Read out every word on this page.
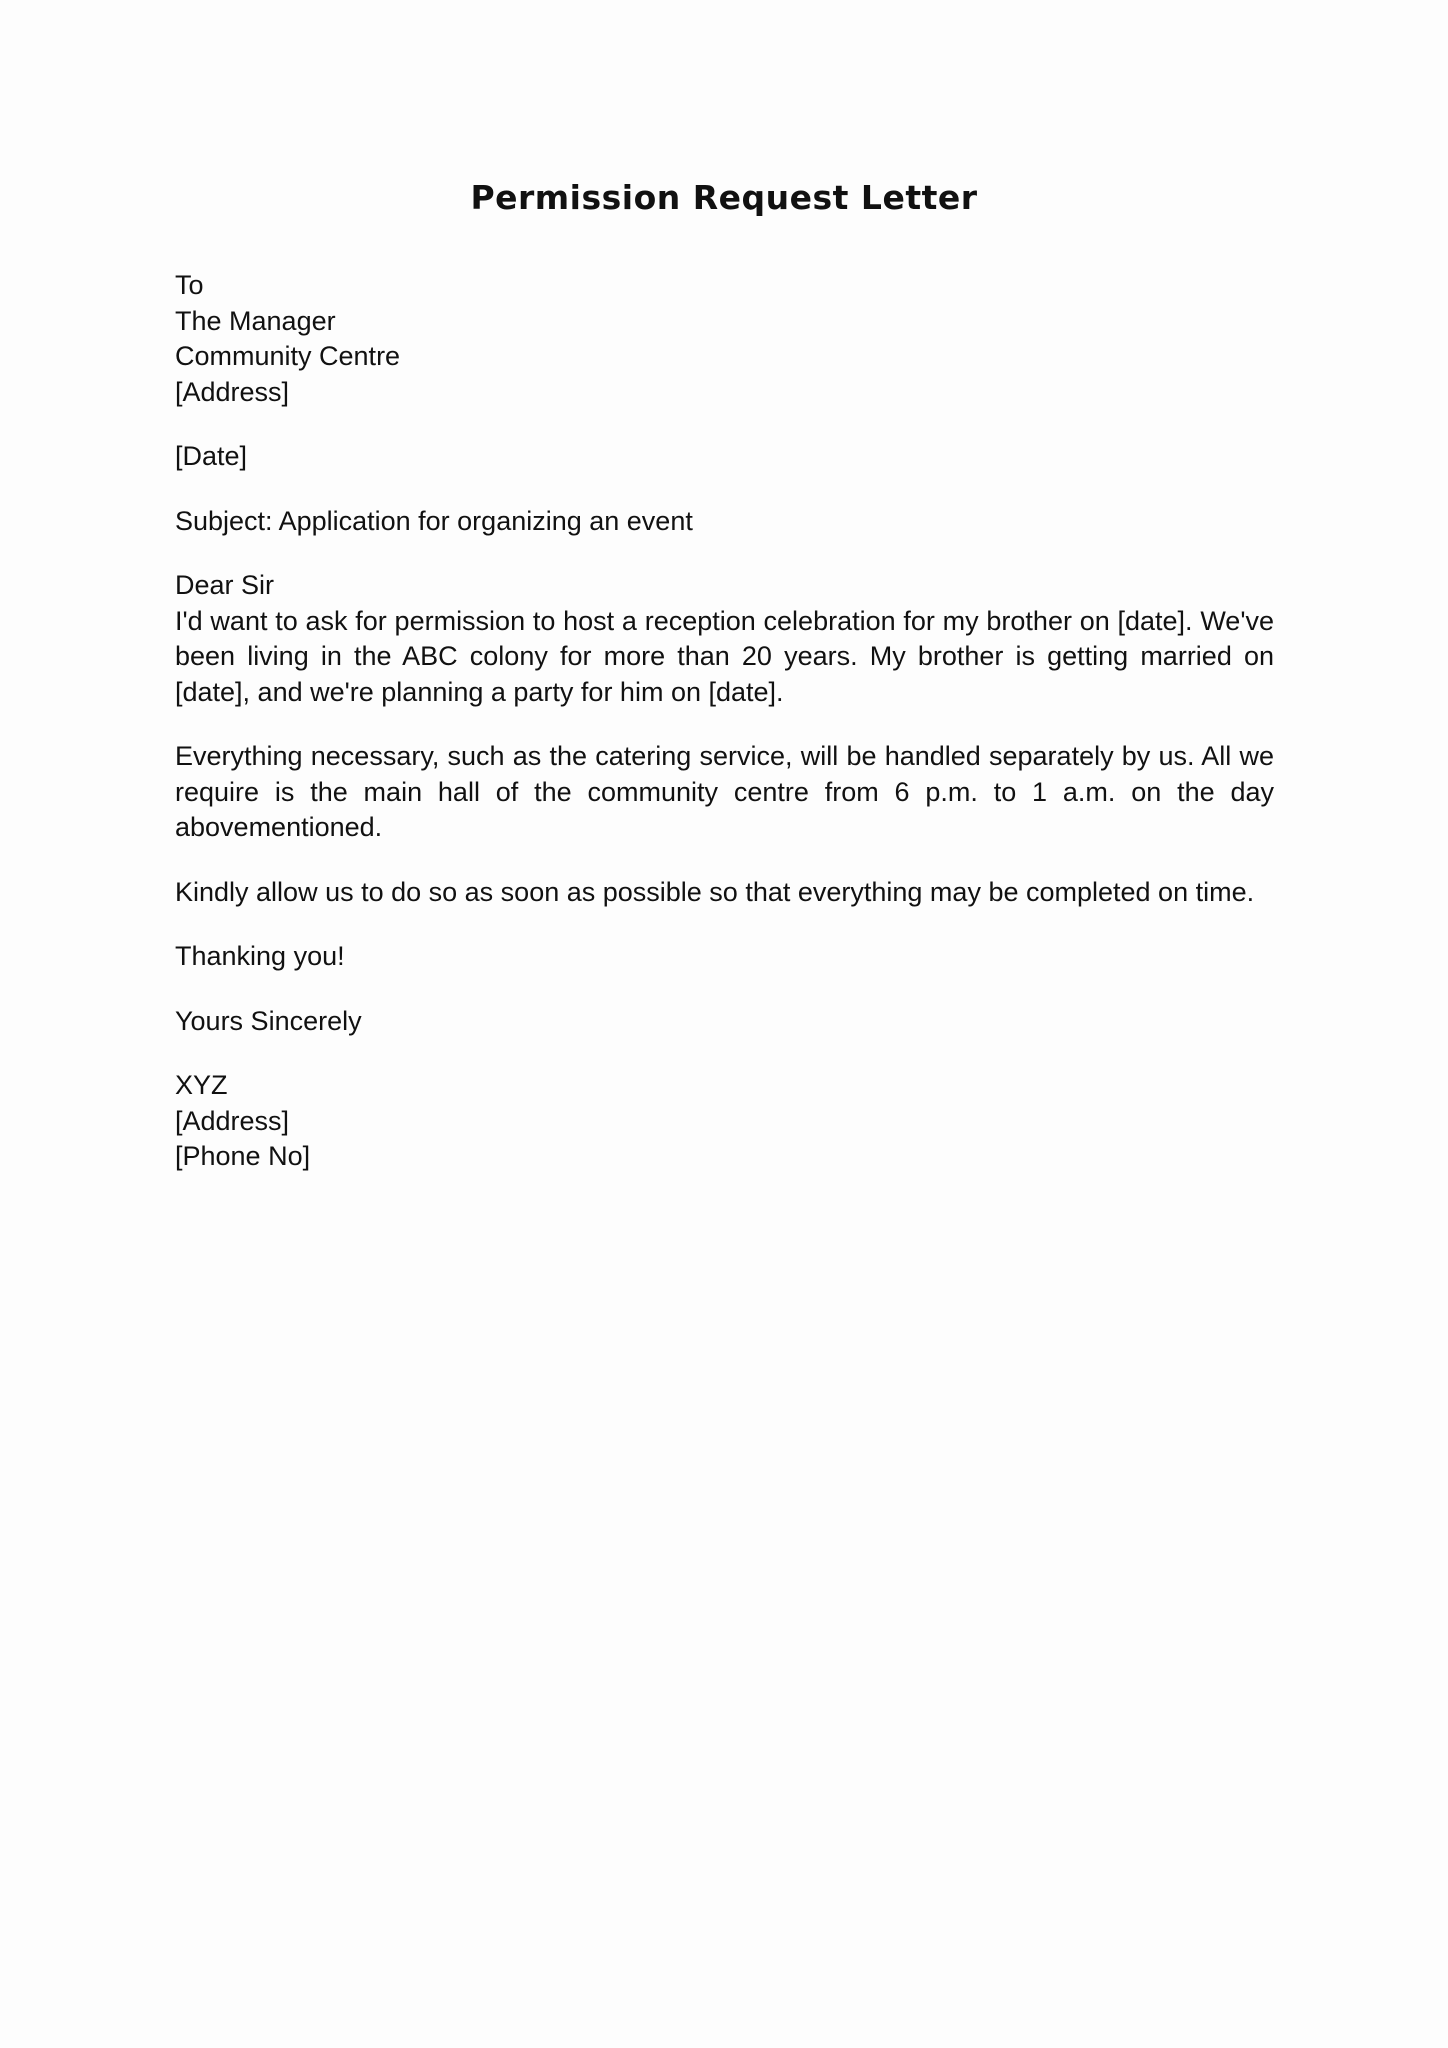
Permission Request Letter
To
The Manager
Community Centre
[Address]
[Date]
Subject: Application for organizing an event
Dear Sir

I'd want to ask for permission to host a reception celebration for my brother on [date]. We've been living in the ABC colony for more than 20 years. My brother is getting married on [date], and we're planning a party for him on [date].

Everything necessary, such as the catering service, will be handled separately by us. All we require is the main hall of the community centre from 6 p.m. to 1 a.m. on the day abovementioned.

Kindly allow us to do so as soon as possible so that everything may be completed on time.

Thanking you!
Yours Sincerely
XYZ
[Address]
[Phone No]
